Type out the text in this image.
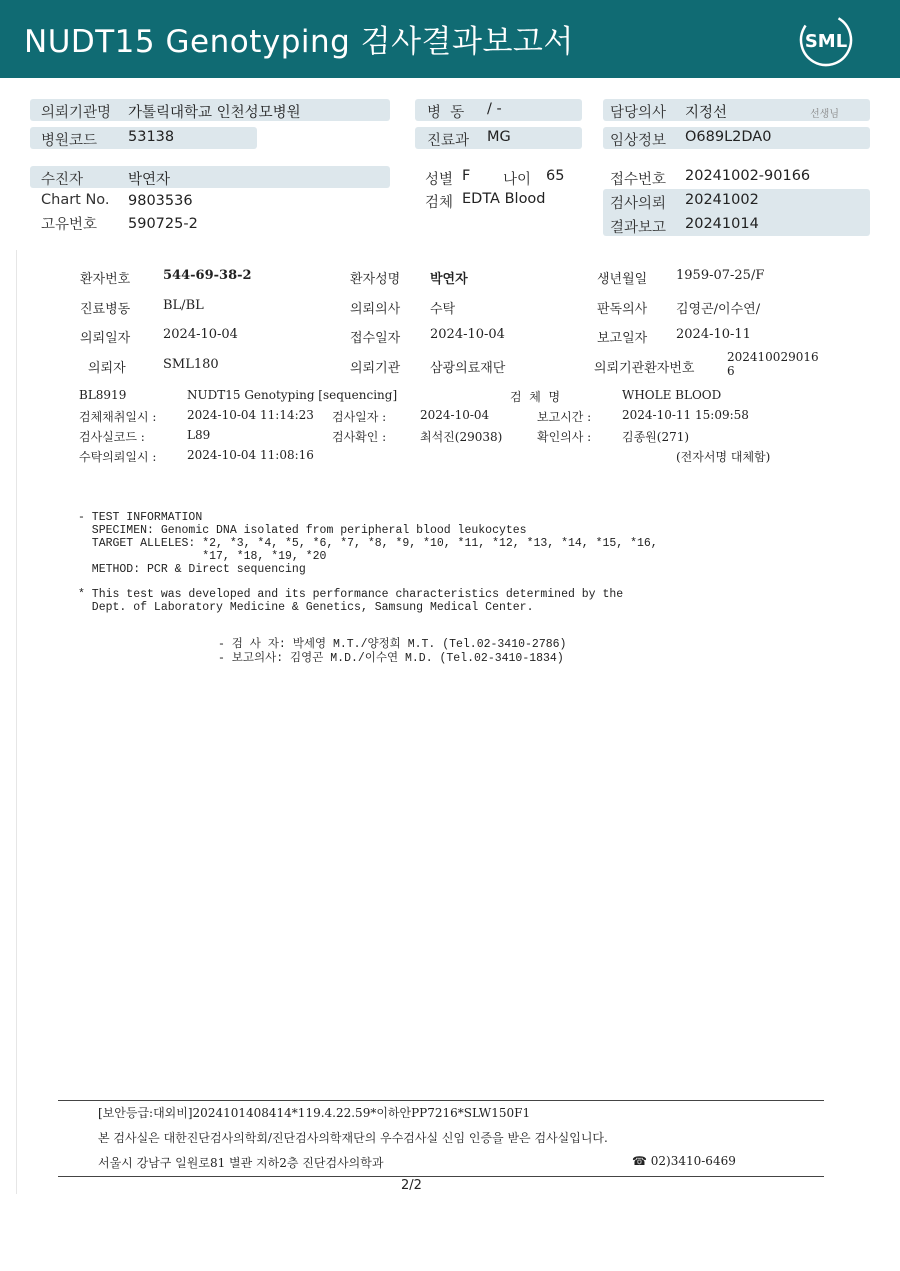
NUDT15 Genotyping 검사결과보고서	SML
의뢰기관명 가톨릭대학교 인천성모병원
병원코드 53138
병  동 / -
진료과 MG
담당의사 지정선	선생님
임상정보 O689L2DA0
수진자	박연자
Chart No. 9803536
고유번호 590725-2
성별 F 나이 65
검체 EDTA Blood
접수번호 20241002-90166
검사의뢰 20241002
결과보고 20241014
환자번호	544-69-38-2	환자성명 박연자	생년월일 1959-07-25/F
진료병동	BL/BL	의뢰의사 수탁	판독의사 김영곤/이수연/
의뢰일자	2024-10-04	접수일자 2024-10-04	보고일자 2024-10-11
의뢰자	SML180	의뢰기관 삼광의료재단	의뢰기관환자번호
202410029016
6
BL8919	NUDT15 Genotyping [sequencing]	검  체  명	WHOLE BLOOD
검체채취일시 :	2024-10-04 11:14:23 검사일자 :	2024-10-04	보고시간 :	2024-10-11 15:09:58
검사실코드 :	L89	검사확인 :	최석진(29038)	확인의사 :	김종원(271)
수탁의뢰일시 :	2024-10-04 11:08:16	(전자서명 대체함)
- TEST INFORMATION
SPECIMEN: Genomic DNA isolated from peripheral blood leukocytes
TARGET ALLELES: *2, *3, *4, *5, *6, *7, *8, *9, *10, *11, *12, *13, *14, *15, *16,
*17, *18, *19, *20
METHOD: PCR & Direct sequencing
* This test was developed and its performance characteristics determined by the
Dept. of Laboratory Medicine & Genetics, Samsung Medical Center.
- 검 사 자: 박세영 M.T./양정희 M.T. (Tel.02-3410-2786)
- 보고의사: 김영곤 M.D./이수연 M.D. (Tel.02-3410-1834)
[보안등급:대외비]2024101408414*119.4.22.59*이하안PP7216*SLW150F1
본 검사실은 대한진단검사의학회/진단검사의학재단의 우수검사실 신임 인증을 받은 검사실입니다.
서울시 강남구 일원로81 별관 지하2층 진단검사의학과	☎ 02)3410-6469
2/2
